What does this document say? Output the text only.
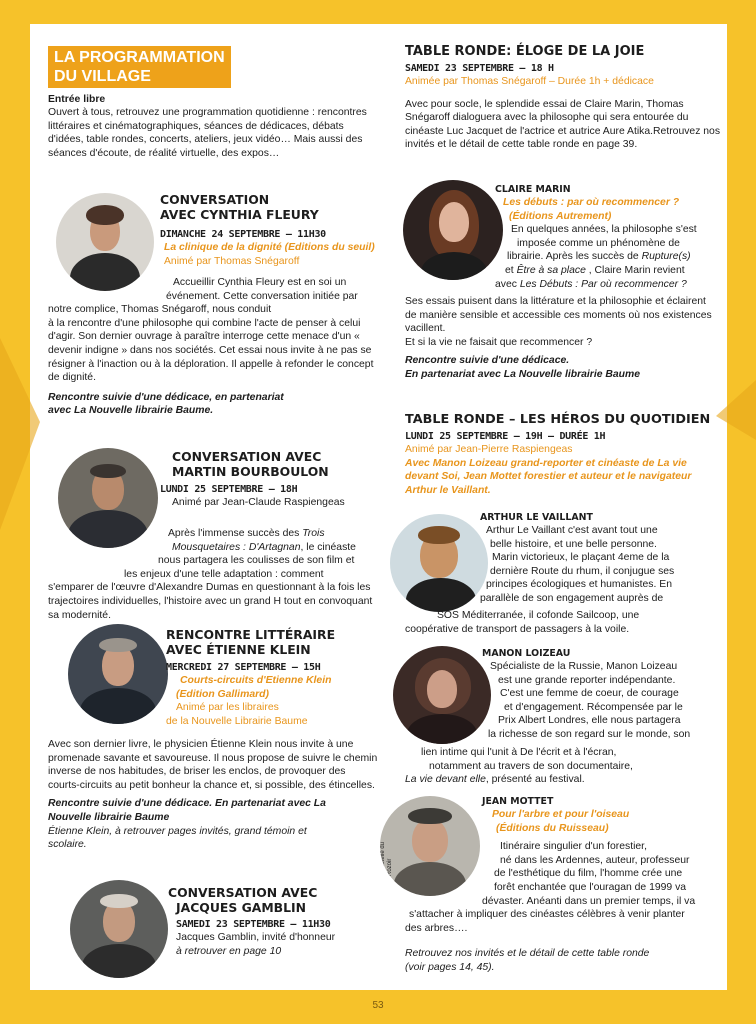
LA PROGRAMMATION
DU VILLAGE

Entrée libre

Ouvert à tous, retrouvez une programmation quotidienne : rencontres littéraires et cinématographiques, séances de dédicaces, débats d'idées, table rondes, concerts, ateliers, jeux vidéo… Mais aussi des séances d'écoute, de réalité virtuelle, des expos…

CONVERSATION
AVEC CYNTHIA FLEURY
DIMANCHE 24 SEPTEMBRE – 11H30

La clinique de la dignité (Editions du seuil)

Animé par Thomas Snégaroff

Accueillir Cynthia Fleury est en soi un

événement. Cette conversation initiée par

notre complice, Thomas Snégaroff, nous conduit

à la rencontre d'une philosophe qui combine l'acte de penser à celui d'agir. Son dernier ouvrage à paraître interroge cette menace d'un « devenir indigne » dans nos sociétés. Cet essai nous invite à ne pas se résigner à l'inaction ou à la déploration. Il appelle à refonder le concept de dignité.

Rencontre suivie d'une dédicace, en partenariat avec La Nouvelle librairie Baume.

CONVERSATION AVEC
MARTIN BOURBOULON
LUNDI 25 SEPTEMBRE – 18H

Animé par Jean-Claude Raspiengeas

Après l'immense succès des Trois

Mousquetaires : D'Artagnan, le cinéaste

nous partagera les coulisses de son film et

les enjeux d'une telle adaptation : comment

s'emparer de l'œuvre d'Alexandre Dumas en questionnant à la fois les trajectoires individuelles, l'histoire avec un grand H tout en convoquant sa modernité.

RENCONTRE LITTÉRAIRE
AVEC ÉTIENNE KLEIN
MERCREDI 27 SEPTEMBRE – 15H

Courts-circuits d'Etienne Klein

(Edition Gallimard)

Animé par les libraires

de la Nouvelle Librairie Baume

Avec son dernier livre, le physicien Étienne Klein nous invite à une promenade savante et savoureuse. Il nous propose de suivre le chemin inverse de nos habitudes, de briser les enclos, de provoquer des courts-circuits au petit bonheur la chance et, si possible, des étincelles.

Rencontre suivie d'une dédicace. En partenariat avec La Nouvelle librairie Baume

Étienne Klein, à retrouver pages invités, grand témoin et scolaire.

CONVERSATION AVEC
JACQUES GAMBLIN
SAMEDI 23 SEPTEMBRE – 11H30

Jacques Gamblin, invité d'honneur

à retrouver en page 10

TABLE RONDE: ÉLOGE DE LA JOIE
SAMEDI 23 SEPTEMBRE – 18 H

Animée par Thomas Snégaroff – Durée 1h + dédicace

Avec pour socle, le splendide essai de Claire Marin, Thomas Snégaroff dialoguera avec la philosophe qui sera entourée du cinéaste Luc Jacquet de l'actrice et autrice Aure Atika.Retrouvez nos invités et le détail de cette table ronde en page 39.

CLAIRE MARIN

Les débuts : par où recommencer ?

(Éditions Autrement)

En quelques années, la philosophe s'est

imposée comme un phénomène de

librairie. Après les succès de Rupture(s)

et Être à sa place , Claire Marin revient

avec Les Débuts : Par où recommencer ?

Ses essais puisent dans la littérature et la philosophie et éclairent de manière sensible et accessible ces moments où nos existences vacillent.

Et si la vie ne faisait que recommencer ?

Rencontre suivie d'une dédicace.

En partenariat avec La Nouvelle librairie Baume

TABLE RONDE – LES HÉROS DU QUOTIDIEN
LUNDI 25 SEPTEMBRE – 19H – DURÉE 1H

Animé par Jean-Pierre Raspiengeas

Avec Manon Loizeau grand-reporter et cinéaste de La vie devant Soi, Jean Mottet forestier et auteur et le navigateur Arthur le Vaillant.

ARTHUR LE VAILLANT

Arthur Le Vaillant c'est avant tout une

belle histoire, et une belle personne.

Marin victorieux, le plaçant 4eme de la

dernière Route du rhum, il conjugue ses

principes écologiques et humanistes. En

parallèle de son engagement auprès de

SOS Méditerranée, il cofonde Sailcoop, une

coopérative de transport de passagers à la voile.

MANON LOIZEAU

Spécialiste de la Russie, Manon Loizeau

est une grande reporter indépendante.

C'est une femme de coeur, de courage

et d'engagement. Récompensée par le

Prix Albert Londres, elle nous partagera

la richesse de son regard sur le monde, son

lien intime qui l'unit à De l'écrit et à l'écran,

notamment au travers de son documentaire,

La vie devant elle, présenté au festival.

© Estelle du Rozoir
JEAN MOTTET

Pour l'arbre et pour l'oiseau

(Éditions du Ruisseau)

Itinéraire singulier d'un forestier,

né dans les Ardennes, auteur, professeur

de l'esthétique du film, l'homme crée une

forêt enchantée que l'ouragan de 1999 va

dévaster. Anéanti dans un premier temps, il va

s'attacher à impliquer des cinéastes célèbres à venir planter

des arbres….

Retrouvez nos invités et le détail de cette table ronde

(voir pages 14, 45).

53
